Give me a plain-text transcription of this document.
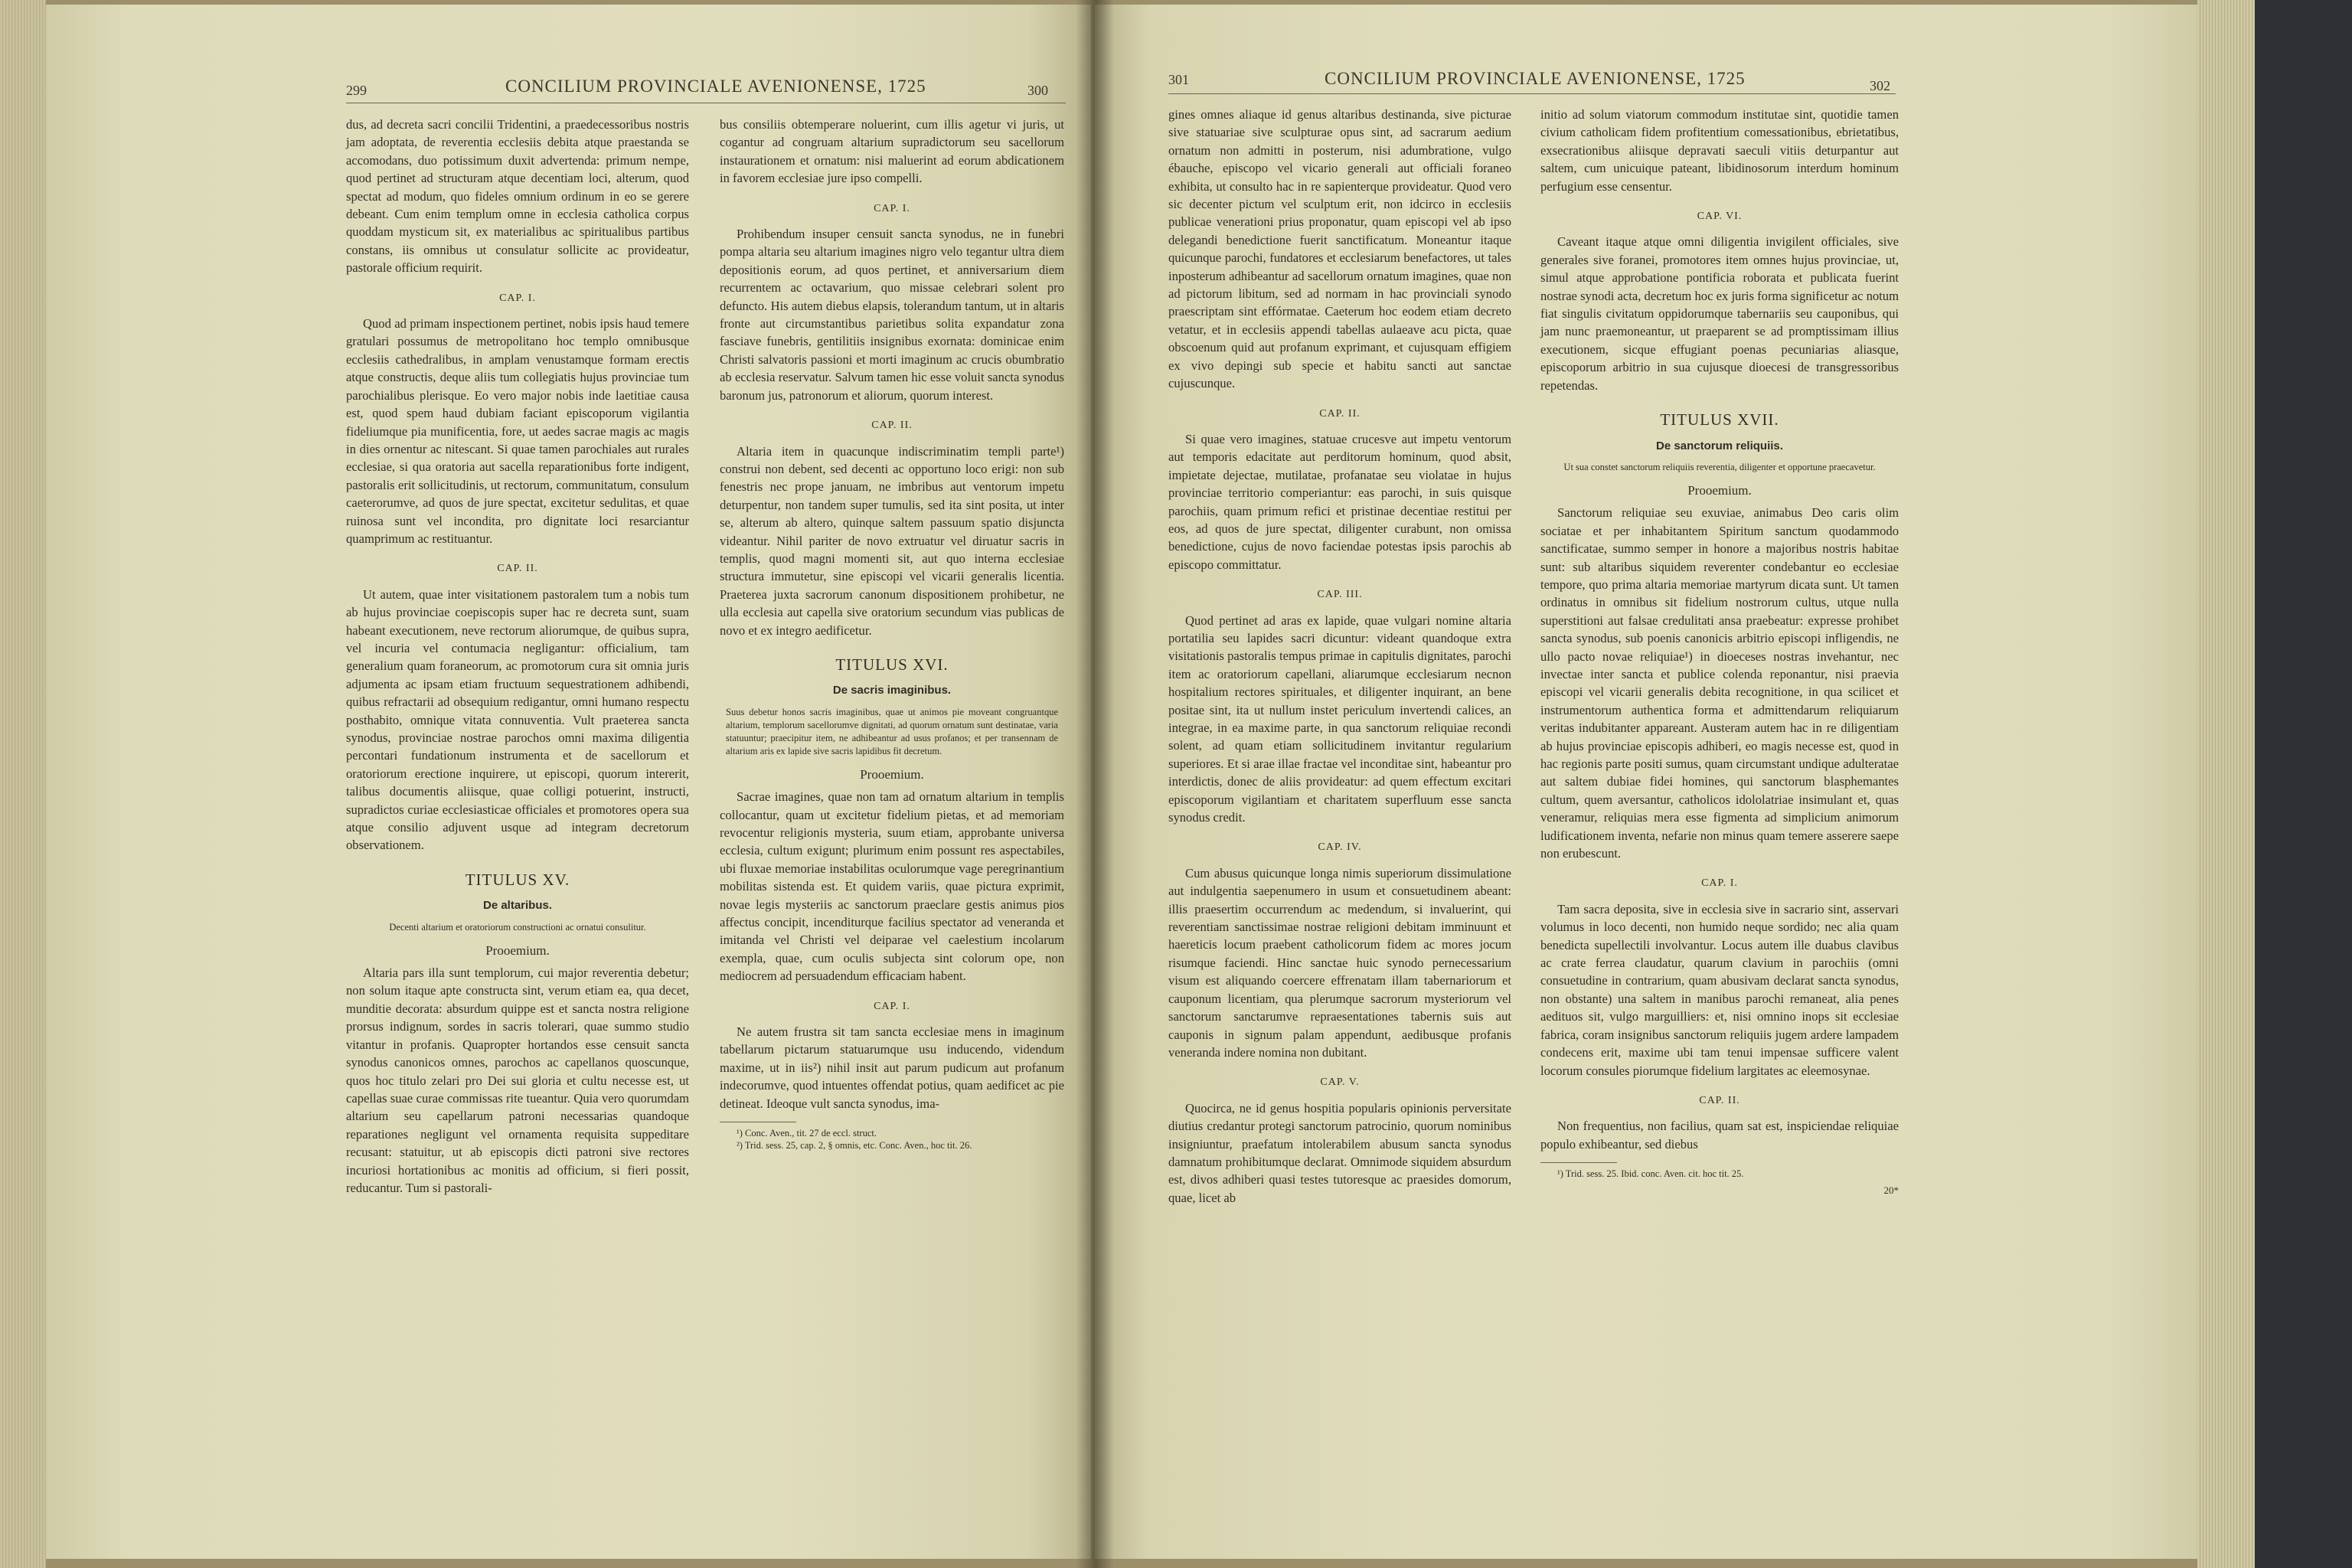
299	CONCILIUM PROVINCIALE AVENIONENSE, 1725	300

dus, ad decreta sacri concilii Tridentini, a praedecessoribus nostris jam adoptata, de reverentia ecclesiis debita atque praestanda se accomodans, duo potissimum duxit advertenda: primum nempe, quod pertinet ad structuram atque decentiam loci, alterum, quod spectat ad modum, quo fideles omnium ordinum in eo se gerere debeant. Cum enim templum omne in ecclesia catholica corpus quoddam mysticum sit, ex materialibus ac spiritualibus partibus constans, iis omnibus ut consulatur sollicite ac provideatur, pastorale officium requirit.

CAP. I.

Quod ad primam inspectionem pertinet, nobis ipsis haud temere gratulari possumus de metropolitano hoc templo omnibusque ecclesiis cathedralibus, in amplam venustamque formam erectis atque constructis, deque aliis tum collegiatis hujus provinciae tum parochialibus plerisque. Eo vero major nobis inde laetitiae causa est, quod spem haud dubiam faciant episcoporum vigilantia fideliumque pia munificentia, fore, ut aedes sacrae magis ac magis in dies ornentur ac nitescant. Si quae tamen parochiales aut rurales ecclesiae, si qua oratoria aut sacella reparationibus forte indigent, pastoralis erit sollicitudinis, ut rectorum, communitatum, consulum caeterorumve, ad quos de jure spectat, excitetur sedulitas, et quae ruinosa sunt vel incondita, pro dignitate loci resarciantur quamprimum ac restituantur.

CAP. II.

Ut autem, quae inter visitationem pastoralem tum a nobis tum ab hujus provinciae coepiscopis super hac re decreta sunt, suam habeant executionem, neve rectorum aliorumque, de quibus supra, vel incuria vel contumacia negligantur: officialium, tam generalium quam foraneorum, ac promotorum cura sit omnia juris adjumenta ac ipsam etiam fructuum sequestrationem adhibendi, quibus refractarii ad obsequium redigantur, omni humano respectu posthabito, omnique vitata connuventia. Vult praeterea sancta synodus, provinciae nostrae parochos omni maxima diligentia percontari fundationum instrumenta et de sacellorum et oratoriorum erectione inquirere, ut episcopi, quorum intererit, talibus documentis aliisque, quae colligi potuerint, instructi, supradictos curiae ecclesiasticae officiales et promotores opera sua atque consilio adjuvent usque ad integram decretorum observationem.

TITULUS XV.
De altaribus.
Decenti altarium et oratoriorum constructioni ac ornatui consulitur.
Prooemium.

Altaria pars illa sunt templorum, cui major reverentia debetur; non solum itaque apte constructa sint, verum etiam ea, qua decet, munditie decorata: absurdum quippe est et sancta nostra religione prorsus indignum, sordes in sacris tolerari, quae summo studio vitantur in profanis. Quapropter hortandos esse censuit sancta synodus canonicos omnes, parochos ac capellanos quoscunque, quos hoc titulo zelari pro Dei sui gloria et cultu necesse est, ut capellas suae curae commissas rite tueantur. Quia vero quorumdam altarium seu capellarum patroni necessarias quandoque reparationes negligunt vel ornamenta requisita suppeditare recusant: statuitur, ut ab episcopis dicti patroni sive rectores incuriosi hortationibus ac monitis ad officium, si fieri possit, reducantur. Tum si pastorali-

bus consiliis obtemperare noluerint, cum illis agetur vi juris, ut cogantur ad congruam altarium supradictorum seu sacellorum instaurationem et ornatum: nisi maluerint ad eorum abdicationem in favorem ecclesiae jure ipso compelli.

CAP. I.

Prohibendum insuper censuit sancta synodus, ne in funebri pompa altaria seu altarium imagines nigro velo tegantur ultra diem depositionis eorum, ad quos pertinet, et anniversarium diem recurrentem ac octavarium, quo missae celebrari solent pro defuncto. His autem diebus elapsis, tolerandum tantum, ut in altaris fronte aut circumstantibus parietibus solita expandatur zona fasciave funebris, gentilitiis insignibus exornata: dominicae enim Christi salvatoris passioni et morti imaginum ac crucis obumbratio ab ecclesia reservatur. Salvum tamen hic esse voluit sancta synodus baronum jus, patronorum et aliorum, quorum interest.

CAP. II.

Altaria item in quacunque indiscriminatim templi parte¹) construi non debent, sed decenti ac opportuno loco erigi: non sub fenestris nec prope januam, ne imbribus aut ventorum impetu deturpentur, non tandem super tumulis, sed ita sint posita, ut inter se, alterum ab altero, quinque saltem passuum spatio disjuncta videantur. Nihil pariter de novo extruatur vel diruatur sacris in templis, quod magni momenti sit, aut quo interna ecclesiae structura immutetur, sine episcopi vel vicarii generalis licentia. Praeterea juxta sacrorum canonum dispositionem prohibetur, ne ulla ecclesia aut capella sive oratorium secundum vias publicas de novo et ex integro aedificetur.

TITULUS XVI.
De sacris imaginibus.
Suus debetur honos sacris imaginibus, quae ut animos pie moveant congruantque altarium, templorum sacellorumve dignitati, ad quorum ornatum sunt destinatae, varia statuuntur; praecipitur item, ne adhibeantur ad usus profanos; et per transennam de altarium aris ex lapide sive sacris lapidibus fit decretum.
Prooemium.

Sacrae imagines, quae non tam ad ornatum altarium in templis collocantur, quam ut excitetur fidelium pietas, et ad memoriam revocentur religionis mysteria, suum etiam, approbante universa ecclesia, cultum exigunt; plurimum enim possunt res aspectabiles, ubi fluxae memoriae instabilitas oculorumque vage peregrinantium mobilitas sistenda est. Et quidem variis, quae pictura exprimit, novae legis mysteriis ac sanctorum praeclare gestis animus pios affectus concipit, incenditurque facilius spectator ad veneranda et imitanda vel Christi vel deiparae vel caelestium incolarum exempla, quae, cum oculis subjecta sint colorum ope, non mediocrem ad persuadendum efficaciam habent.

CAP. I.

Ne autem frustra sit tam sancta ecclesiae mens in imaginum tabellarum pictarum statuarumque usu inducendo, videndum maxime, ut in iis²) nihil insit aut parum pudicum aut profanum indecorumve, quod intuentes offendat potius, quam aedificet ac pie detineat. Ideoque vult sancta synodus, ima-

¹) Conc. Aven., tit. 27 de eccl. struct.

²) Trid. sess. 25, cap. 2, § omnis, etc. Conc. Aven., hoc tit. 26.

301	CONCILIUM PROVINCIALE AVENIONENSE, 1725	302

gines omnes aliaque id genus altaribus destinanda, sive picturae sive statuariae sive sculpturae opus sint, ad sacrarum aedium ornatum non admitti in posterum, nisi adumbratione, vulgo ébauche, episcopo vel vicario generali aut officiali foraneo exhibita, ut consulto hac in re sapienterque provideatur. Quod vero sic decenter pictum vel sculptum erit, non idcirco in ecclesiis publicae venerationi prius proponatur, quam episcopi vel ab ipso delegandi benedictione fuerit sanctificatum. Moneantur itaque quicunque parochi, fundatores et ecclesiarum benefactores, ut tales inposterum adhibeantur ad sacellorum ornatum imagines, quae non ad pictorum libitum, sed ad normam in hac provinciali synodo praescriptam sint effórmatae. Caeterum hoc eodem etiam decreto vetatur, et in ecclesiis appendi tabellas aulaeave acu picta, quae obscoenum quid aut profanum exprimant, et cujusquam effigiem ex vivo depingi sub specie et habitu sancti aut sanctae cujuscunque.

CAP. II.

Si quae vero imagines, statuae crucesve aut impetu ventorum aut temporis edacitate aut perditorum hominum, quod absit, impietate dejectae, mutilatae, profanatae seu violatae in hujus provinciae territorio comperiantur: eas parochi, in suis quisque parochiis, quam primum refici et pristinae decentiae restitui per eos, ad quos de jure spectat, diligenter curabunt, non omissa benedictione, cujus de novo faciendae potestas ipsis parochis ab episcopo committatur.

CAP. III.

Quod pertinet ad aras ex lapide, quae vulgari nomine altaria portatilia seu lapides sacri dicuntur: videant quandoque extra visitationis pastoralis tempus primae in capitulis dignitates, parochi item ac oratoriorum capellani, aliarumque ecclesiarum necnon hospitalium rectores spirituales, et diligenter inquirant, an bene positae sint, ita ut nullum instet periculum invertendi calices, an integrae, in ea maxime parte, in qua sanctorum reliquiae recondi solent, ad quam etiam sollicitudinem invitantur regularium superiores. Et si arae illae fractae vel inconditae sint, habeantur pro interdictis, donec de aliis provideatur: ad quem effectum excitari episcoporum vigilantiam et charitatem superfluum esse sancta synodus credit.

CAP. IV.

Cum abusus quicunque longa nimis superiorum dissimulatione aut indulgentia saepenumero in usum et consuetudinem abeant: illis praesertim occurrendum ac medendum, si invaluerint, qui reverentiam sanctissimae nostrae religioni debitam imminuunt et haereticis locum praebent catholicorum fidem ac mores jocum risumque faciendi. Hinc sanctae huic synodo pernecessarium visum est aliquando coercere effrenatam illam tabernariorum et cauponum licentiam, qua plerumque sacrorum mysteriorum vel sanctorum sanctarumve repraesentationes tabernis suis aut cauponis in signum palam appendunt, aedibusque profanis veneranda indere nomina non dubitant.

CAP. V.

Quocirca, ne id genus hospitia popularis opinionis perversitate diutius credantur protegi sanctorum patrocinio, quorum nominibus insigniuntur, praefatum intolerabilem abusum sancta synodus damnatum prohibitumque declarat. Omnimode siquidem absurdum est, divos adhiberi quasi testes tutoresque ac praesides domorum, quae, licet ab

initio ad solum viatorum commodum institutae sint, quotidie tamen civium catholicam fidem profitentium comessationibus, ebrietatibus, exsecrationibus aliisque depravati saeculi vitiis deturpantur aut saltem, cum unicuique pateant, libidinosorum interdum hominum perfugium esse censentur.

CAP. VI.

Caveant itaque atque omni diligentia invigilent officiales, sive generales sive foranei, promotores item omnes hujus provinciae, ut, simul atque approbatione pontificia roborata et publicata fuerint nostrae synodi acta, decretum hoc ex juris forma significetur ac notum fiat singulis civitatum oppidorumque tabernariis seu cauponibus, qui jam nunc praemoneantur, ut praeparent se ad promptissimam illius executionem, sicque effugiant poenas pecuniarias aliasque, episcoporum arbitrio in sua cujusque dioecesi de transgressoribus repetendas.

TITULUS XVII.
De sanctorum reliquiis.
Ut sua constet sanctorum reliquiis reverentia, diligenter et opportune praecavetur.
Prooemium.

Sanctorum reliquiae seu exuviae, animabus Deo caris olim sociatae et per inhabitantem Spiritum sanctum quodammodo sanctificatae, summo semper in honore a majoribus nostris habitae sunt: sub altaribus siquidem reverenter condebantur eo ecclesiae tempore, quo prima altaria memoriae martyrum dicata sunt. Ut tamen ordinatus in omnibus sit fidelium nostrorum cultus, utque nulla superstitioni aut falsae credulitati ansa praebeatur: expresse prohibet sancta synodus, sub poenis canonicis arbitrio episcopi infligendis, ne ullo pacto novae reliquiae¹) in dioeceses nostras invehantur, nec invectae inter sancta et publice colenda reponantur, nisi praevia episcopi vel vicarii generalis debita recognitione, in qua scilicet et instrumentorum authentica forma et admittendarum reliquiarum veritas indubitanter appareant. Austeram autem hac in re diligentiam ab hujus provinciae episcopis adhiberi, eo magis necesse est, quod in hac regionis parte positi sumus, quam circumstant undique adulteratae aut saltem dubiae fidei homines, qui sanctorum blasphemantes cultum, quem aversantur, catholicos idololatriae insimulant et, quas veneramur, reliquias mera esse figmenta ad simplicium animorum ludificationem inventa, nefarie non minus quam temere asserere saepe non erubescunt.

CAP. I.

Tam sacra deposita, sive in ecclesia sive in sacrario sint, asservari volumus in loco decenti, non humido neque sordido; nec alia quam benedicta supellectili involvantur. Locus autem ille duabus clavibus ac crate ferrea claudatur, quarum clavium in parochiis (omni consuetudine in contrarium, quam abusivam declarat sancta synodus, non obstante) una saltem in manibus parochi remaneat, alia penes aedituos sit, vulgo marguilliers: et, nisi omnino inops sit ecclesiae fabrica, coram insignibus sanctorum reliquiis jugem ardere lampadem condecens erit, maxime ubi tam tenui impensae sufficere valent locorum consules piorumque fidelium largitates ac eleemosynae.

CAP. II.

Non frequentius, non facilius, quam sat est, inspiciendae reliquiae populo exhibeantur, sed diebus

¹) Trid. sess. 25. Ibid. conc. Aven. cit. hoc tit. 25.

20*
